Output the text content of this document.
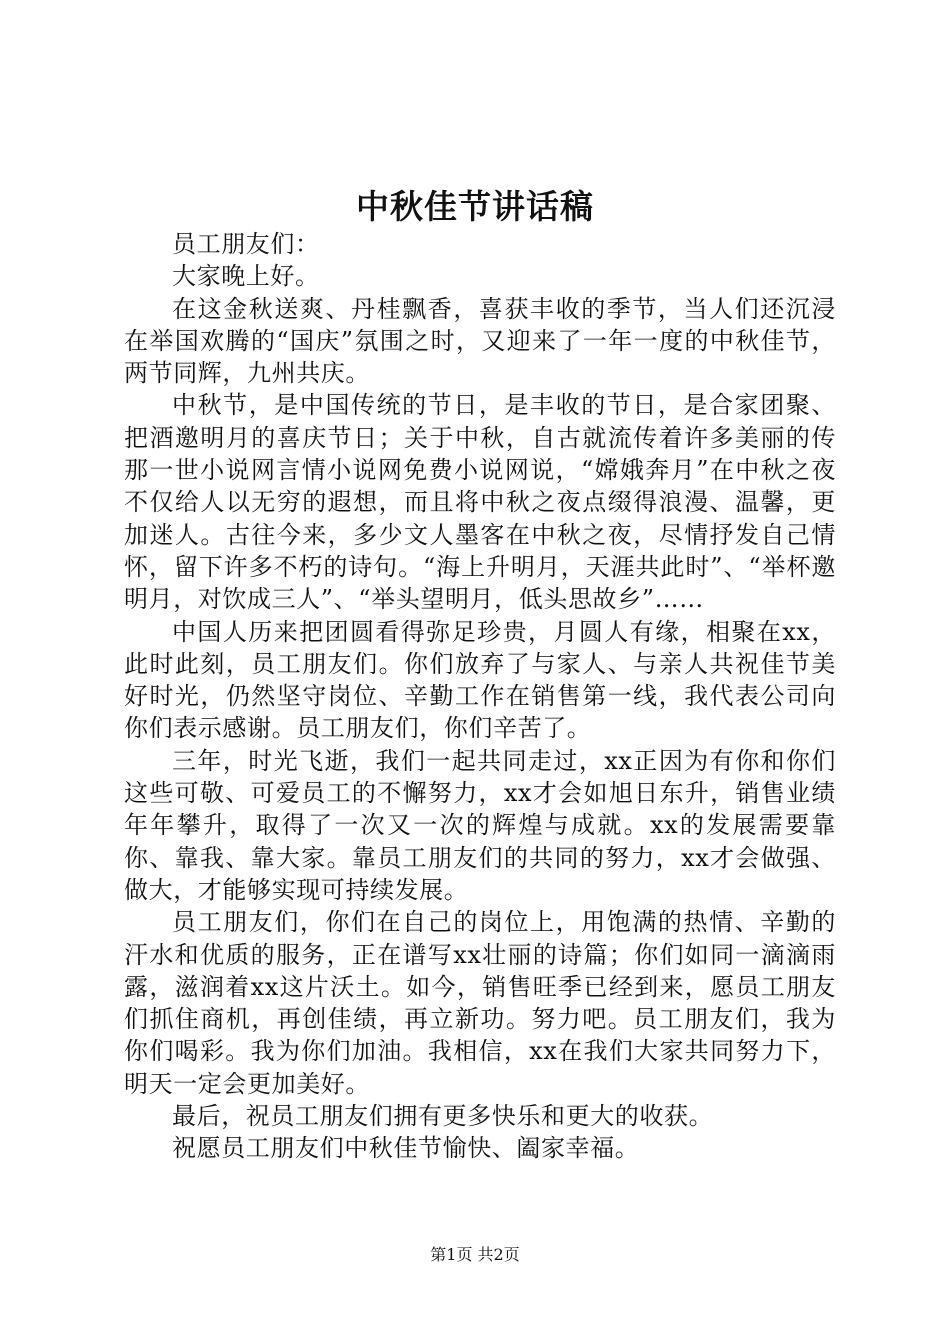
中秋佳节讲话稿

员工朋友们：

大家晚上好。

在这金秋送爽、丹桂飘香，喜获丰收的季节，当人们还沉浸在举国欢腾的“国庆”氛围之时，又迎来了一年一度的中秋佳节，两节同辉，九州共庆。

中秋节，是中国传统的节日，是丰收的节日，是合家团聚、把酒邀明月的喜庆节日；关于中秋，自古就流传着许多美丽的传那一世小说网言情小说网免费小说网说，“嫦娥奔月”在中秋之夜不仅给人以无穷的遐想，而且将中秋之夜点缀得浪漫、温馨，更加迷人。古往今来，多少文人墨客在中秋之夜，尽情抒发自己情怀，留下许多不朽的诗句。“海上升明月，天涯共此时”、“举杯邀明月，对饮成三人”、“举头望明月，低头思故乡”……

中国人历来把团圆看得弥足珍贵，月圆人有缘，相聚在xx，此时此刻，员工朋友们。你们放弃了与家人、与亲人共祝佳节美好时光，仍然坚守岗位、辛勤工作在销售第一线，我代表公司向你们表示感谢。员工朋友们，你们辛苦了。

三年，时光飞逝，我们一起共同走过，xx正因为有你和你们这些可敬、可爱员工的不懈努力，xx才会如旭日东升，销售业绩年年攀升，取得了一次又一次的辉煌与成就。xx的发展需要靠你、靠我、靠大家。靠员工朋友们的共同的努力，xx才会做强、做大，才能够实现可持续发展。

员工朋友们，你们在自己的岗位上，用饱满的热情、辛勤的汗水和优质的服务，正在谱写xx壮丽的诗篇；你们如同一滴滴雨露，滋润着xx这片沃土。如今，销售旺季已经到来，愿员工朋友们抓住商机，再创佳绩，再立新功。努力吧。员工朋友们，我为你们喝彩。我为你们加油。我相信，xx在我们大家共同努力下，明天一定会更加美好。

最后，祝员工朋友们拥有更多快乐和更大的收获。

祝愿员工朋友们中秋佳节愉快、阖家幸福。

第1页 共2页
